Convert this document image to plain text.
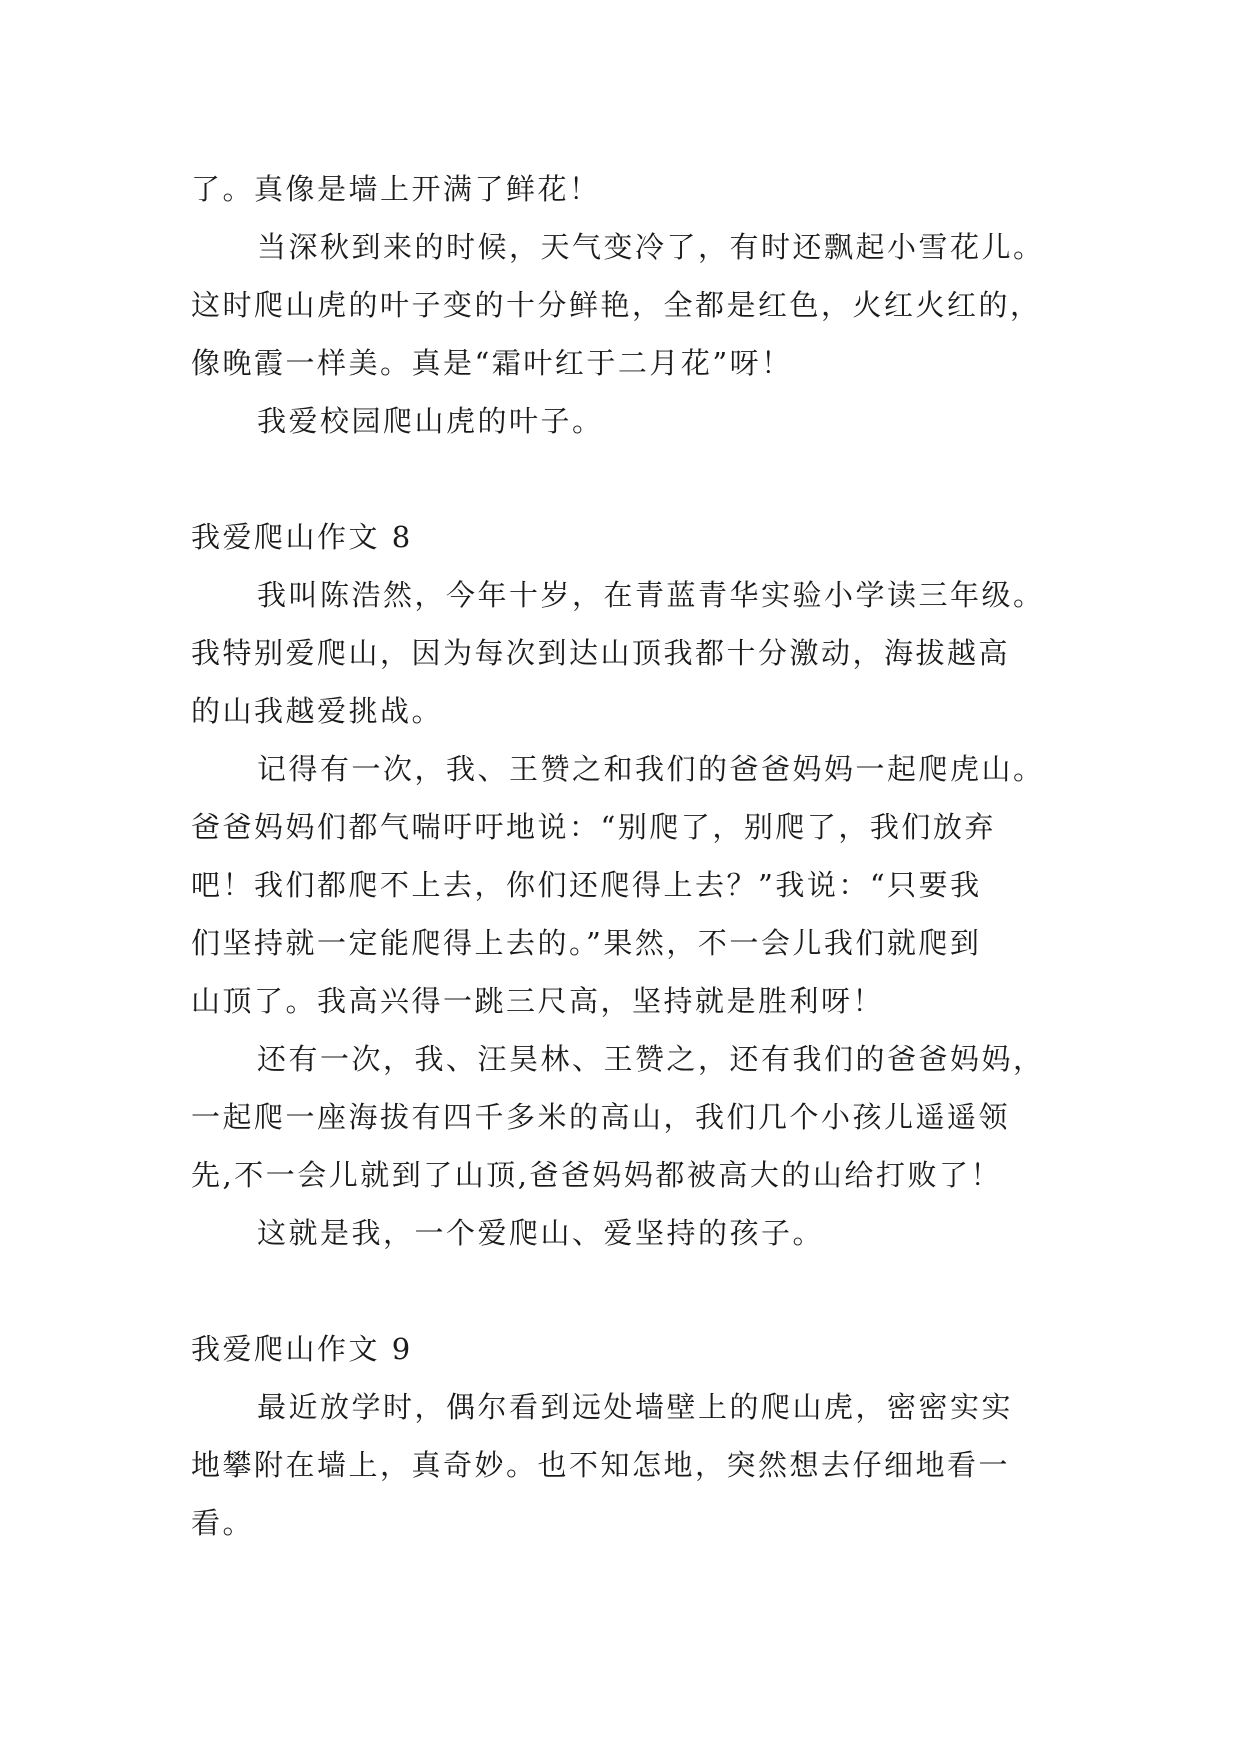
了。真像是墙上开满了鲜花！
当深秋到来的时候，天气变冷了，有时还飘起小雪花儿。
这时爬山虎的叶子变的十分鲜艳，全都是红色，火红火红的，
像晚霞一样美。真是“霜叶红于二月花”呀！
我爱校园爬山虎的叶子。
我爱爬山作文 8
我叫陈浩然，今年十岁，在青蓝青华实验小学读三年级。
我特别爱爬山，因为每次到达山顶我都十分激动，海拔越高
的山我越爱挑战。
记得有一次，我、王赞之和我们的爸爸妈妈一起爬虎山。
爸爸妈妈们都气喘吁吁地说：“别爬了，别爬了，我们放弃
吧！我们都爬不上去，你们还爬得上去？”我说：“只要我
们坚持就一定能爬得上去的。”果然，不一会儿我们就爬到
山顶了。我高兴得一跳三尺高，坚持就是胜利呀！
还有一次，我、汪昊林、王赞之，还有我们的爸爸妈妈，
一起爬一座海拔有四千多米的高山，我们几个小孩儿遥遥领
先,不一会儿就到了山顶,爸爸妈妈都被高大的山给打败了！
这就是我，一个爱爬山、爱坚持的孩子。
我爱爬山作文 9
最近放学时，偶尔看到远处墙壁上的爬山虎，密密实实
地攀附在墙上，真奇妙。也不知怎地，突然想去仔细地看一
看。
